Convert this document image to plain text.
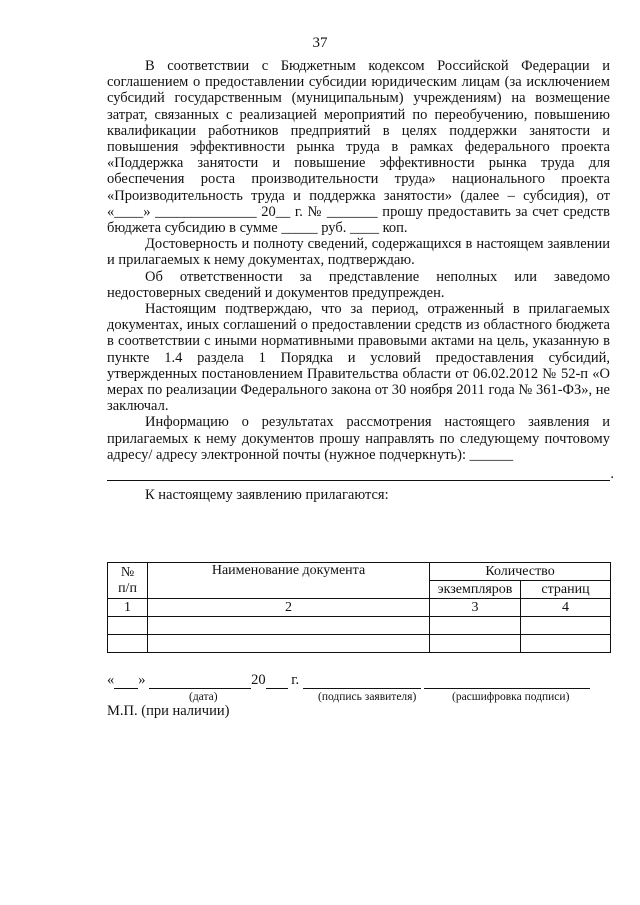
37

В соответствии с Бюджетным кодексом Российской Федерации и соглашением о предоставлении субсидии юридическим лицам (за исключением субсидий государственным (муниципальным) учреждениям) на возмещение затрат, связанных с реализацией мероприятий по переобучению, повышению квалификации работников предприятий в целях поддержки занятости и повышения эффективности рынка труда в рамках федерального проекта «Поддержка занятости и повышение эффективности рынка труда для обеспечения роста производительности труда» национального проекта «Производительность труда и поддержка занятости» (далее – субсидия), от «____» ______________ 20__ г. № _______ прошу предоставить за счет средств бюджета субсидию в сумме _____ руб. ____ коп.

Достоверность и полноту сведений, содержащихся в настоящем заявлении и прилагаемых к нему документах, подтверждаю.

Об ответственности за представление неполных или заведомо недостоверных сведений и документов предупрежден.

Настоящим подтверждаю, что за период, отраженный в прилагаемых документах, иных соглашений о предоставлении средств из областного бюджета в соответствии с иными нормативными правовыми актами на цель, указанную в пункте 1.4 раздела 1 Порядка и условий предоставления субсидий, утвержденных постановлением Правительства области от 06.02.2012 № 52-п «О мерах по реализации Федерального закона от 30 ноября 2011 года № 361-ФЗ», не заключал.

Информацию о результатах рассмотрения настоящего заявления и прилагаемых к нему документов прошу направлять по следующему почтовому адресу/ адресу электронной почты (нужное подчеркнуть): ______

.

К настоящему заявлению прилагаются:

№
п/п	Наименование документа	Количество	
		экземпляров	страниц
1	2	3	4

« »	20 г.
(дата)	(подпись заявителя)	(расшифровка подписи)
М.П. (при наличии)
